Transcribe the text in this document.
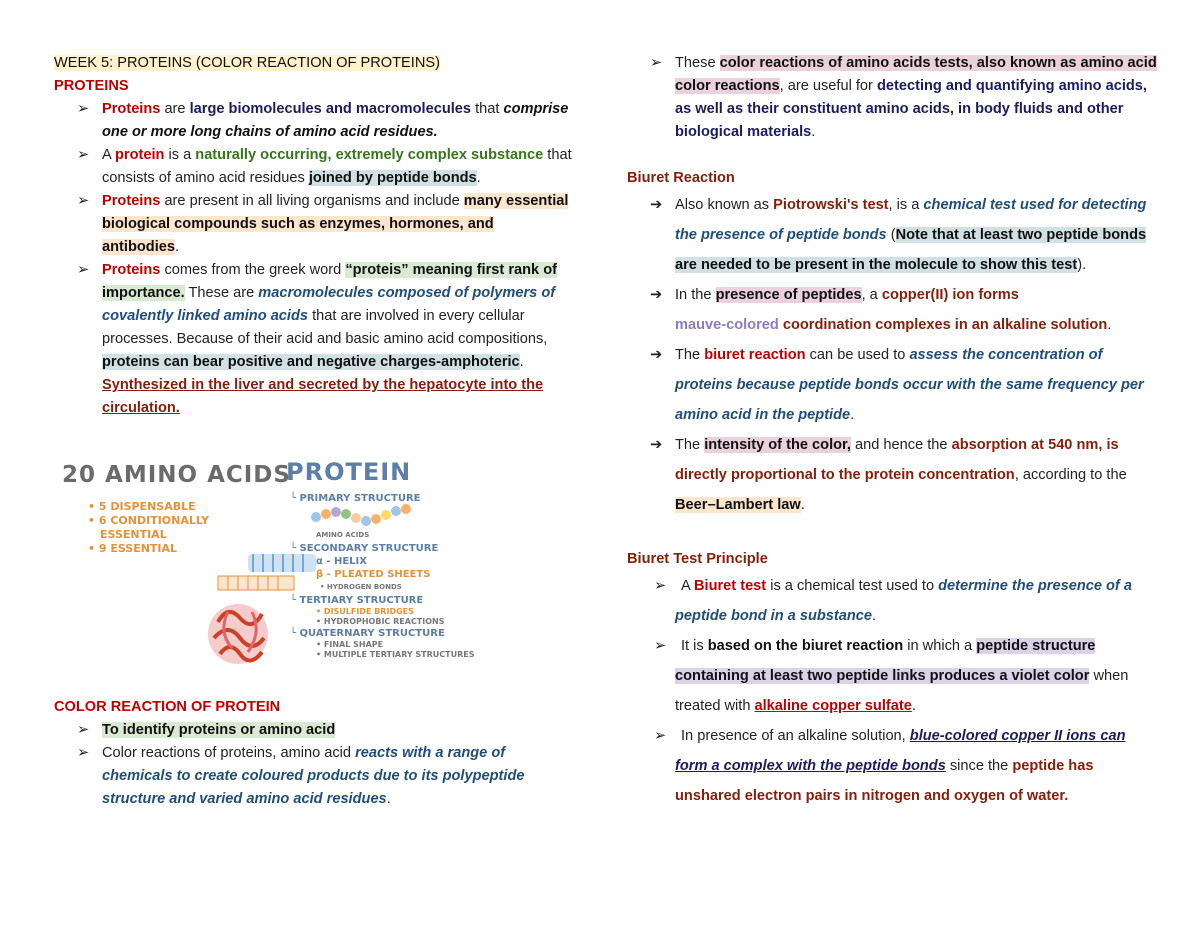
WEEK 5: PROTEINS (COLOR REACTION OF PROTEINS)
PROTEINS
➢ Proteins are large biomolecules and macromolecules that comprise one or more long chains of amino acid residues.
➢ A protein is a naturally occurring, extremely complex substance that consists of amino acid residues joined by peptide bonds.
➢ Proteins are present in all living organisms and include many essential biological compounds such as enzymes, hormones, and antibodies.
➢ Proteins comes from the greek word “proteis” meaning first rank of importance. These are macromolecules composed of polymers of covalently linked amino acids that are involved in every cellular processes. Because of their acid and basic amino acid compositions, proteins can bear positive and negative charges-amphoteric. Synthesized in the liver and secreted by the hepatocyte into the circulation.
20 AMINO ACIDS
• 5 DISPENSABLE
• 6 CONDITIONALLY
ESSENTIAL
• 9 ESSENTIAL
PROTEIN
└ PRIMARY STRUCTURE
AMINO ACIDS
└ SECONDARY STRUCTURE
α - HELIX
β - PLEATED SHEETS
• HYDROGEN BONDS
└ TERTIARY STRUCTURE
• DISULFIDE BRIDGES
• HYDROPHOBIC REACTIONS
└ QUATERNARY STRUCTURE
• FINAL SHAPE
• MULTIPLE TERTIARY STRUCTURES
COLOR REACTION OF PROTEIN
➢ To identify proteins or amino acid
➢ Color reactions of proteins, amino acid reacts with a range of chemicals to create coloured products due to its polypeptide structure and varied amino acid residues.
➢ These color reactions of amino acids tests, also known as amino acid color reactions, are useful for detecting and quantifying amino acids, as well as their constituent amino acids, in body fluids and other biological materials.
Biuret Reaction
➔ Also known as Piotrowski's test, is a chemical test used for detecting the presence of peptide bonds (Note that at least two peptide bonds are needed to be present in the molecule to show this test).
➔ In the presence of peptides, a copper(II) ion forms
mauve-colored coordination complexes in an alkaline solution.
➔ The biuret reaction can be used to assess the concentration of proteins because peptide bonds occur with the same frequency per amino acid in the peptide.
➔ The intensity of the color, and hence the absorption at 540 nm, is directly proportional to the protein concentration, according to the Beer–Lambert law.
Biuret Test Principle
➢ A Biuret test is a chemical test used to determine the presence of a peptide bond in a substance.
➢ It is based on the biuret reaction in which a peptide structure containing at least two peptide links produces a violet color when treated with alkaline copper sulfate.
➢ In presence of an alkaline solution, blue-colored copper II ions can form a complex with the peptide bonds since the peptide has unshared electron pairs in nitrogen and oxygen of water.
